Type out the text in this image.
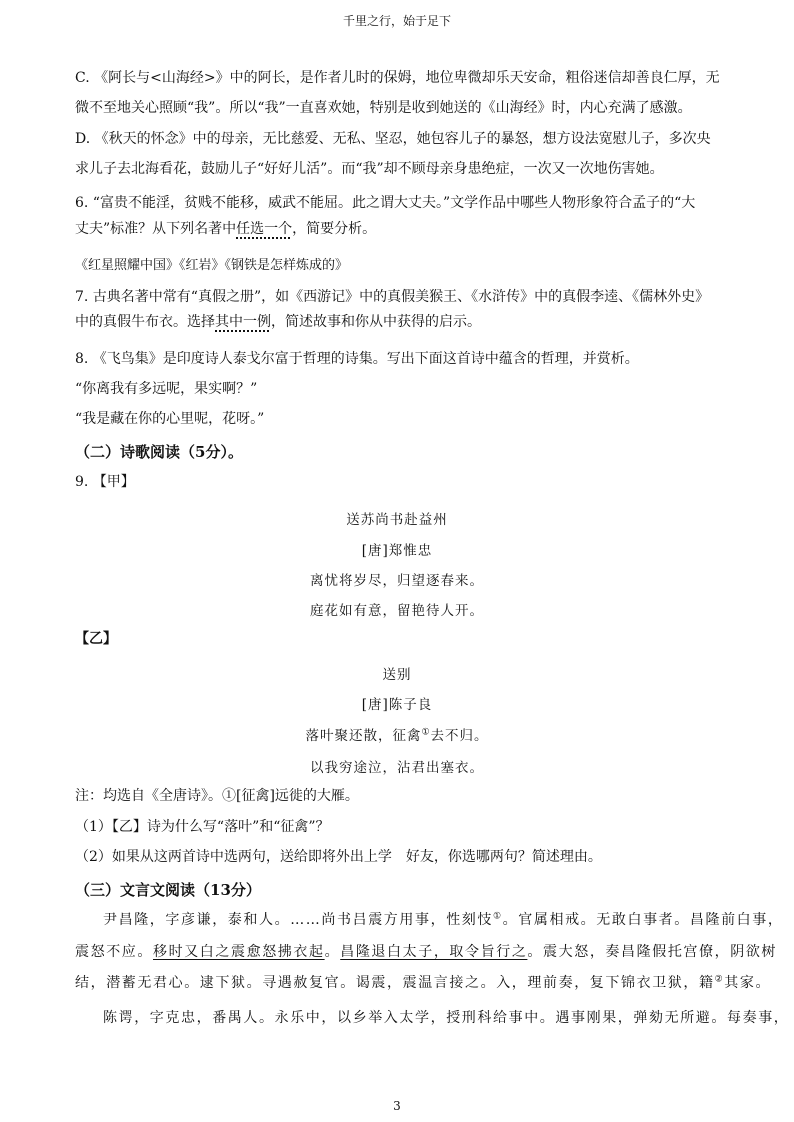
千里之行，始于足下

C. 《阿长与<山海经>》中的阿长，是作者儿时的保姆，地位卑微却乐天安命，粗俗迷信却善良仁厚，无

微不至地关心照顾“我”。所以“我”一直喜欢她，特别是收到她送的《山海经》时，内心充满了感激。

D. 《秋天的怀念》中的母亲，无比慈爱、无私、坚忍，她包容儿子的暴怒，想方设法宽慰儿子，多次央

求儿子去北海看花，鼓励儿子“好好儿活”。而“我”却不顾母亲身患绝症，一次又一次地伤害她。

6. “富贵不能淫，贫贱不能移，威武不能屈。此之谓大丈夫。”文学作品中哪些人物形象符合孟子的“大

丈夫”标准？从下列名著中任选一个，简要分析。

《红星照耀中国》《红岩》《钢铁是怎样炼成的》

7. 古典名著中常有“真假之册”，如《西游记》中的真假美猴王、《水浒传》中的真假李逵、《儒林外史》

中的真假牛布衣。选择其中一例，简述故事和你从中获得的启示。

8. 《飞鸟集》是印度诗人泰戈尔富于哲理的诗集。写出下面这首诗中蕴含的哲理，并赏析。

“你离我有多远呢，果实啊？”

“我是藏在你的心里呢，花呀。”

（二）诗歌阅读（5分）。

9. 【甲】

送苏尚书赴益州

[唐]郑惟忠

离忧将岁尽，归望逐春来。

庭花如有意，留艳待人开。

【乙】

送别

[唐]陈子良

落叶聚还散，征禽①去不归。

以我穷途泣，沾君出塞衣。

注：均选自《全唐诗》。①[征禽]远徙的大雁。

（1）【乙】诗为什么写“落叶”和“征禽”？

（2）如果从这两首诗中选两句，送给即将外出上学　好友，你选哪两句？简述理由。

（三）文言文阅读（13分）

尹昌隆，字彦谦，泰和人。……尚书吕震方用事，性刻忮①。官属相戒。无敢白事者。昌隆前白事，

震怒不应。移时又白之震愈怒拂衣起。昌隆退白太子，取令旨行之。震大怒，奏昌隆假托宫僚，阴欲树

结，潜蓄无君心。逮下狱。寻遇赦复官。谒震，震温言接之。入，理前奏，复下锦衣卫狱，籍②其家。

陈谔，字克忠，番禺人。永乐中，以乡举入太学，授刑科给事中。遇事刚果，弹劾无所避。每奏事，

3
